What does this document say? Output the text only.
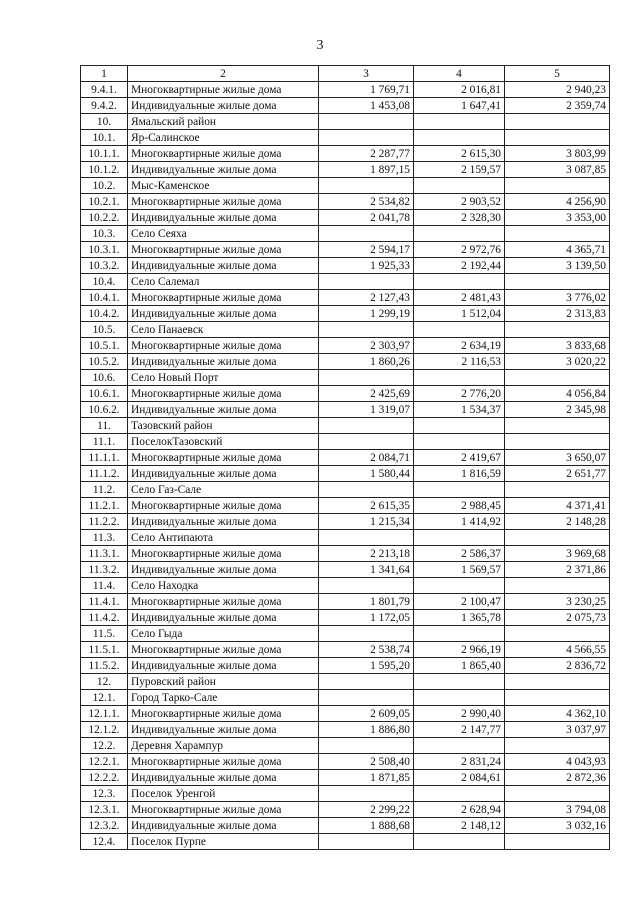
3
1	2	3	4	5
9.4.1.	Многоквартирные жилые дома	1 769,71	2 016,81	2 940,23
9.4.2.	Индивидуальные жилые дома	1 453,08	1 647,41	2 359,74
10.	Ямальский район			
10.1.	Яр-Салинское			
10.1.1.	Многоквартирные жилые дома	2 287,77	2 615,30	3 803,99
10.1.2.	Индивидуальные жилые дома	1 897,15	2 159,57	3 087,85
10.2.	Мыс-Каменское			
10.2.1.	Многоквартирные жилые дома	2 534,82	2 903,52	4 256,90
10.2.2.	Индивидуальные жилые дома	2 041,78	2 328,30	3 353,00
10.3.	Село Сеяха			
10.3.1.	Многоквартирные жилые дома	2 594,17	2 972,76	4 365,71
10.3.2.	Индивидуальные жилые дома	1 925,33	2 192,44	3 139,50
10.4.	Село Салемал			
10.4.1.	Многоквартирные жилые дома	2 127,43	2 481,43	3 776,02
10.4.2.	Индивидуальные жилые дома	1 299,19	1 512,04	2 313,83
10.5.	Село Панаевск			
10.5.1.	Многоквартирные жилые дома	2 303,97	2 634,19	3 833,68
10.5.2.	Индивидуальные жилые дома	1 860,26	2 116,53	3 020,22
10.6.	Село Новый Порт			
10.6.1.	Многоквартирные жилые дома	2 425,69	2 776,20	4 056,84
10.6.2.	Индивидуальные жилые дома	1 319,07	1 534,37	2 345,98
11.	Тазовский район			
11.1.	ПоселокТазовский			
11.1.1.	Многоквартирные жилые дома	2 084,71	2 419,67	3 650,07
11.1.2.	Индивидуальные жилые дома	1 580,44	1 816,59	2 651,77
11.2.	Село Газ-Сале			
11.2.1.	Многоквартирные жилые дома	2 615,35	2 988,45	4 371,41
11.2.2.	Индивидуальные жилые дома	1 215,34	1 414,92	2 148,28
11.3.	Село Антипаюта			
11.3.1.	Многоквартирные жилые дома	2 213,18	2 586,37	3 969,68
11.3.2.	Индивидуальные жилые дома	1 341,64	1 569,57	2 371,86
11.4.	Село Находка			
11.4.1.	Многоквартирные жилые дома	1 801,79	2 100,47	3 230,25
11.4.2.	Индивидуальные жилые дома	1 172,05	1 365,78	2 075,73
11.5.	Село Гыда			
11.5.1.	Многоквартирные жилые дома	2 538,74	2 966,19	4 566,55
11.5.2.	Индивидуальные жилые дома	1 595,20	1 865,40	2 836,72
12.	Пуровский район			
12.1.	Город Тарко-Сале			
12.1.1.	Многоквартирные жилые дома	2 609,05	2 990,40	4 362,10
12.1.2.	Индивидуальные жилые дома	1 886,80	2 147,77	3 037,97
12.2.	Деревня Харампур			
12.2.1.	Многоквартирные жилые дома	2 508,40	2 831,24	4 043,93
12.2.2.	Индивидуальные жилые дома	1 871,85	2 084,61	2 872,36
12.3.	Поселок Уренгой			
12.3.1.	Многоквартирные жилые дома	2 299,22	2 628,94	3 794,08
12.3.2.	Индивидуальные жилые дома	1 888,68	2 148,12	3 032,16
12.4.	Поселок Пурпе			
